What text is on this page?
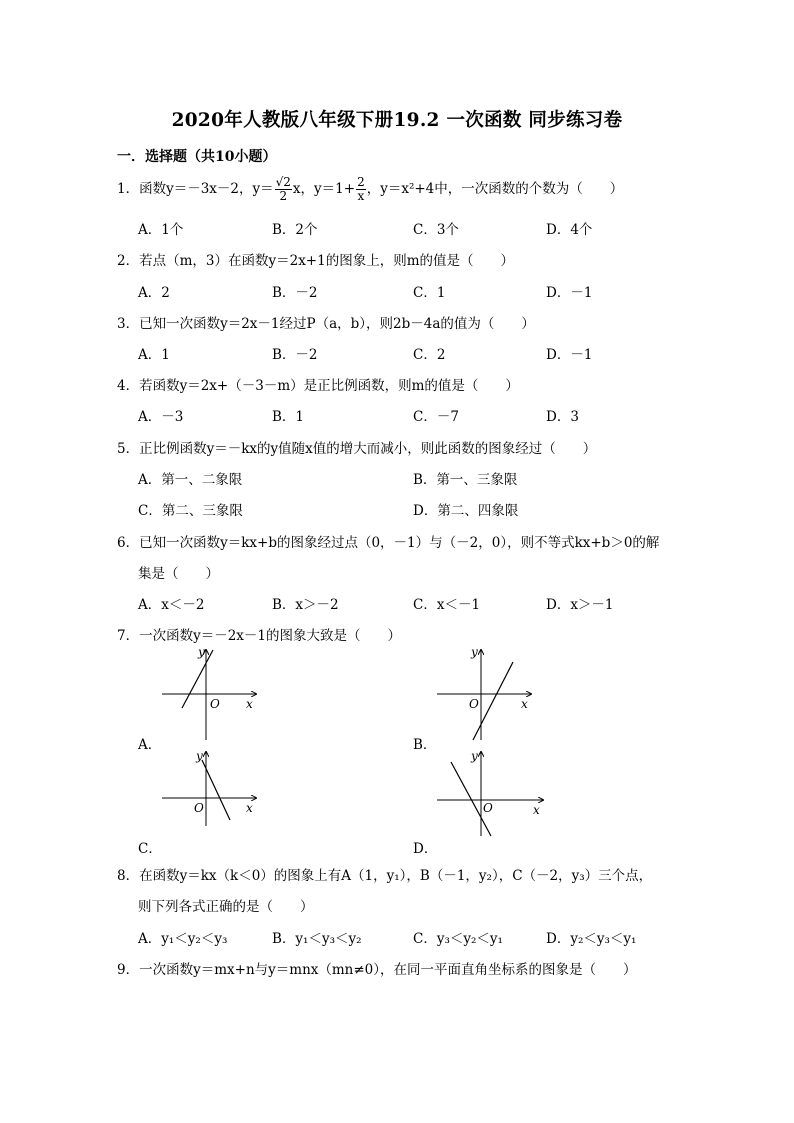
2020年人教版八年级下册19.2 一次函数 同步练习卷
一．选择题（共10小题）
1．函数y＝－3x－2，$y= \frac{√2}{2}$ x，$y=1+ \frac{2}{x}$ ，y＝x²+4中，一次函数的个数为（　　）
A．1个	B．2个	C．3个	D．4个
2．若点（m，3）在函数y＝2x+1的图象上，则m的值是（　　）
A．2	B．－2	C．1	D．－1
3．已知一次函数y＝2x－1经过P（a，b），则2b－4a的值为（　　）
A．1	B．－2	C．2	D．－1
4．若函数y＝2x+（－3－m）是正比例函数，则m的值是（　　）
A．－3	B．1	C．－7	D．3
5．正比例函数y＝－kx的y值随x值的增大而减小，则此函数的图象经过（　　）
A．第一、二象限	B．第一、三象限
C．第二、三象限	D．第二、四象限
6．已知一次函数y＝kx+b的图象经过点（0，－1）与（－2，0），则不等式kx+b＞0的解
集是（　　）
A．x＜－2	B．x＞－2	C．x＜－1	D．x＞－1
7．一次函数y＝－2x－1的图象大致是（　　）
y
x
O
A．
y
x
O
B．
y
x
O
C．
y
x
O
D．
8．在函数y＝kx（k＜0）的图象上有A（1，y₁），B（－1，y₂），C（－2，y₃）三个点，
则下列各式正确的是（　　）
A．y₁＜y₂＜y₃	B．y₁＜y₃＜y₂	C．y₃＜y₂＜y₁	D．y₂＜y₃＜y₁
9．一次函数y＝mx+n与y＝mnx（mn≠0），在同一平面直角坐标系的图象是（　　）
